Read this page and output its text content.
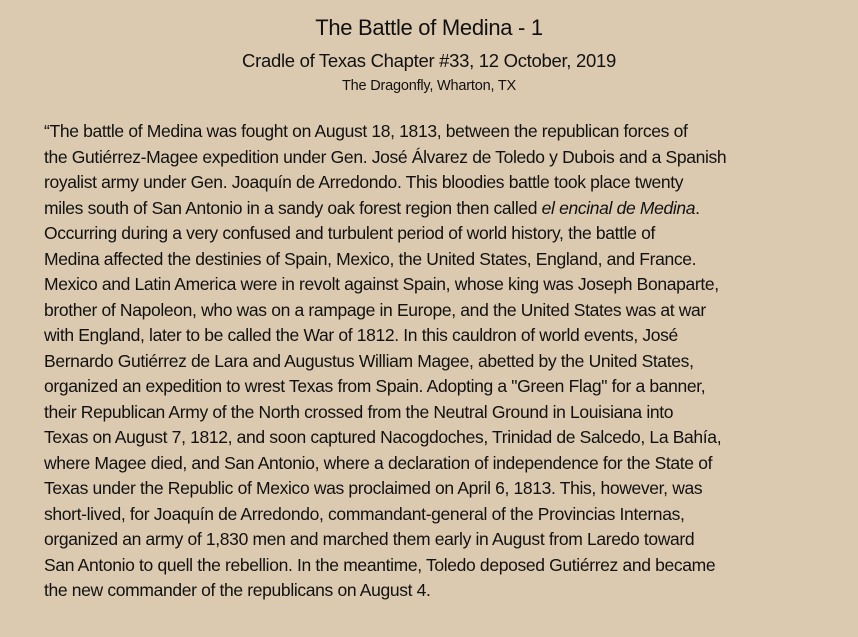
The Battle of Medina - 1
Cradle of Texas Chapter #33, 12 October, 2019
The Dragonfly, Wharton, TX
“The battle of Medina was fought on August 18, 1813, between the republican forces of
the Gutiérrez-Magee expedition under Gen. José Álvarez de Toledo y Dubois and a Spanish
royalist army under Gen. Joaquín de Arredondo. This bloodies battle took place twenty
miles south of San Antonio in a sandy oak forest region then called el encinal de Medina.
Occurring during a very confused and turbulent period of world history, the battle of
Medina affected the destinies of Spain, Mexico, the United States, England, and France.
Mexico and Latin America were in revolt against Spain, whose king was Joseph Bonaparte,
brother of Napoleon, who was on a rampage in Europe, and the United States was at war
with England, later to be called the War of 1812. In this cauldron of world events, José
Bernardo Gutiérrez de Lara and Augustus William Magee, abetted by the United States,
organized an expedition to wrest Texas from Spain. Adopting a "Green Flag" for a banner,
their Republican Army of the North crossed from the Neutral Ground in Louisiana into
Texas on August 7, 1812, and soon captured Nacogdoches, Trinidad de Salcedo, La Bahía,
where Magee died, and San Antonio, where a declaration of independence for the State of
Texas under the Republic of Mexico was proclaimed on April 6, 1813. This, however, was
short-lived, for Joaquín de Arredondo, commandant-general of the Provincias Internas,
organized an army of 1,830 men and marched them early in August from Laredo toward
San Antonio to quell the rebellion. In the meantime, Toledo deposed Gutiérrez and became
the new commander of the republicans on August 4.
